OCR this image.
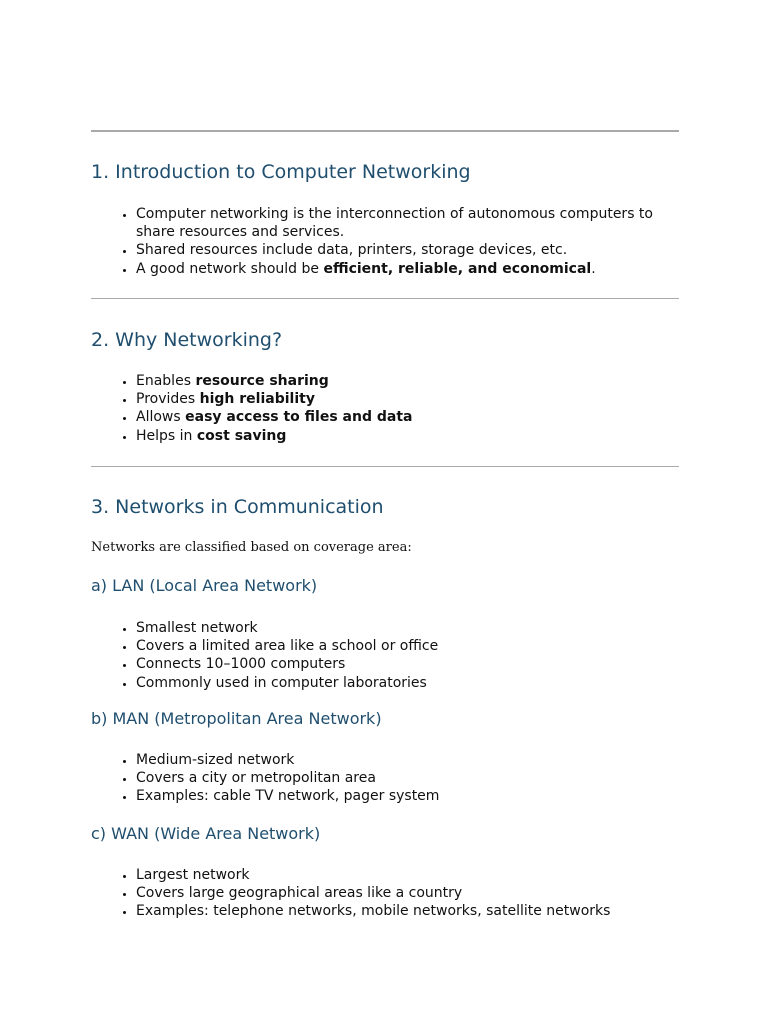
1. Introduction to Computer Networking
• Computer networking is the interconnection of autonomous computers to share resources and services.
• Shared resources include data, printers, storage devices, etc.
• A good network should be efficient, reliable, and economical.
2. Why Networking?
• Enables resource sharing
• Provides high reliability
• Allows easy access to files and data
• Helps in cost saving
3. Networks in Communication

Networks are classified based on coverage area:

a) LAN (Local Area Network)
• Smallest network
• Covers a limited area like a school or office
• Connects 10–1000 computers
• Commonly used in computer laboratories
b) MAN (Metropolitan Area Network)
• Medium-sized network
• Covers a city or metropolitan area
• Examples: cable TV network, pager system
c) WAN (Wide Area Network)
• Largest network
• Covers large geographical areas like a country
• Examples: telephone networks, mobile networks, satellite networks
